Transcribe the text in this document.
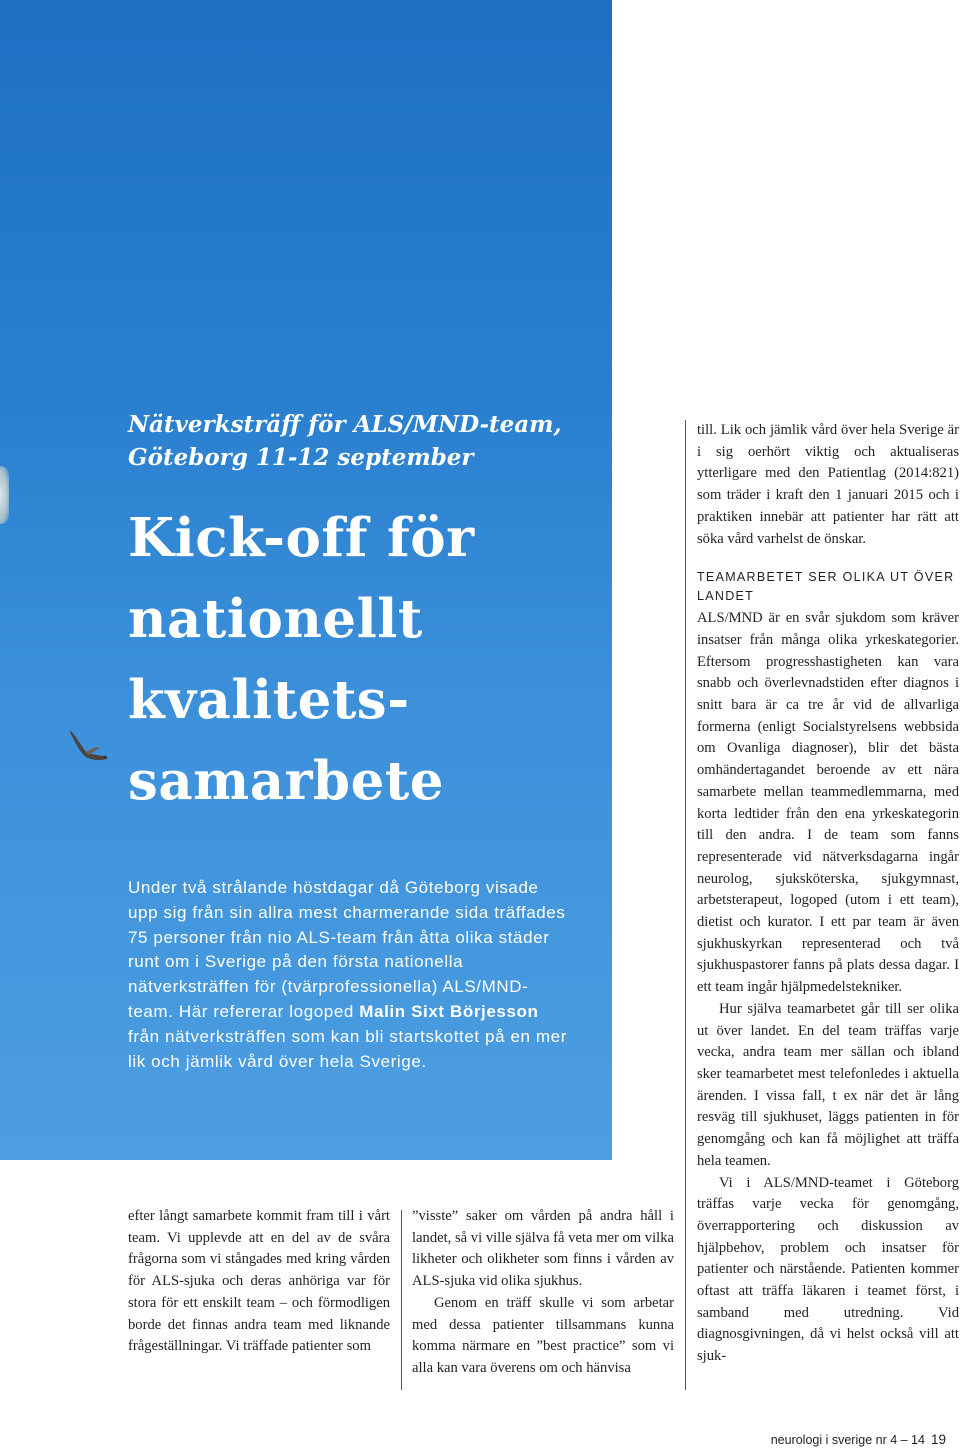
Nätverksträff för ALS/MND-team,
Göteborg 11-12 september
Kick-off för
nationellt
kvalitets-
samarbete
Under två strålande höstdagar då Göteborg visade upp sig från sin allra mest charmerande sida träffades 75 personer från nio ALS-team från åtta olika städer runt om i Sverige på den första nationella nätverksträffen för (tvärprofessionella) ALS/MND-team. Här refererar logoped Malin Sixt Börjesson från nätverksträffen som kan bli startskottet på en mer lik och jämlik vård över hela Sverige.

efter långt samarbete kommit fram till i vårt team. Vi upplevde att en del av de svåra frågorna som vi stångades med kring vården för ALS-sjuka och deras anhöriga var för stora för ett enskilt team – och förmodligen borde det finnas andra team med liknande frågeställningar. Vi träffade patienter som

”visste” saker om vården på andra håll i landet, så vi ville själva få veta mer om vilka likheter och olikheter som finns i vården av ALS-sjuka vid olika sjukhus.

Genom en träff skulle vi som arbetar med dessa patienter tillsammans kunna komma närmare en ”best practice” som vi alla kan vara överens om och hänvisa

till. Lik och jämlik vård över hela Sverige är i sig oerhört viktig och aktualiseras ytterligare med den Patientlag (2014:821) som träder i kraft den 1 januari 2015 och i praktiken innebär att patienter har rätt att söka vård varhelst de önskar.

TEAMARBETET SER OLIKA UT ÖVER LANDET

ALS/MND är en svår sjukdom som kräver insatser från många olika yrkeskategorier. Eftersom progresshastigheten kan vara snabb och överlevnadstiden efter diagnos i snitt bara är ca tre år vid de allvarliga formerna (enligt Socialstyrelsens webbsida om Ovanliga diagnoser), blir det bästa omhändertagandet beroende av ett nära samarbete mellan teammedlemmarna, med korta ledtider från den ena yrkeskategorin till den andra. I de team som fanns representerade vid nätverksdagarna ingår neurolog, sjuksköterska, sjukgymnast, arbetsterapeut, logoped (utom i ett team), dietist och kurator. I ett par team är även sjukhuskyrkan representerad och två sjukhuspastorer fanns på plats dessa dagar. I ett team ingår hjälpmedelstekniker.

Hur själva teamarbetet går till ser olika ut över landet. En del team träffas varje vecka, andra team mer sällan och ibland sker teamarbetet mest telefonledes i aktuella ärenden. I vissa fall, t ex när det är lång resväg till sjukhuset, läggs patienten in för genomgång och kan få möjlighet att träffa hela teamen.

Vi i ALS/MND-teamet i Göteborg träffas varje vecka för genomgång, överrapportering och diskussion av hjälpbehov, problem och insatser för patienter och närstående. Patienten kommer oftast att träffa läkaren i teamet först, i samband med utredning. Vid diagnosgivningen, då vi helst också vill att sjuk-

neurologi i sverige nr 4 – 14 19
